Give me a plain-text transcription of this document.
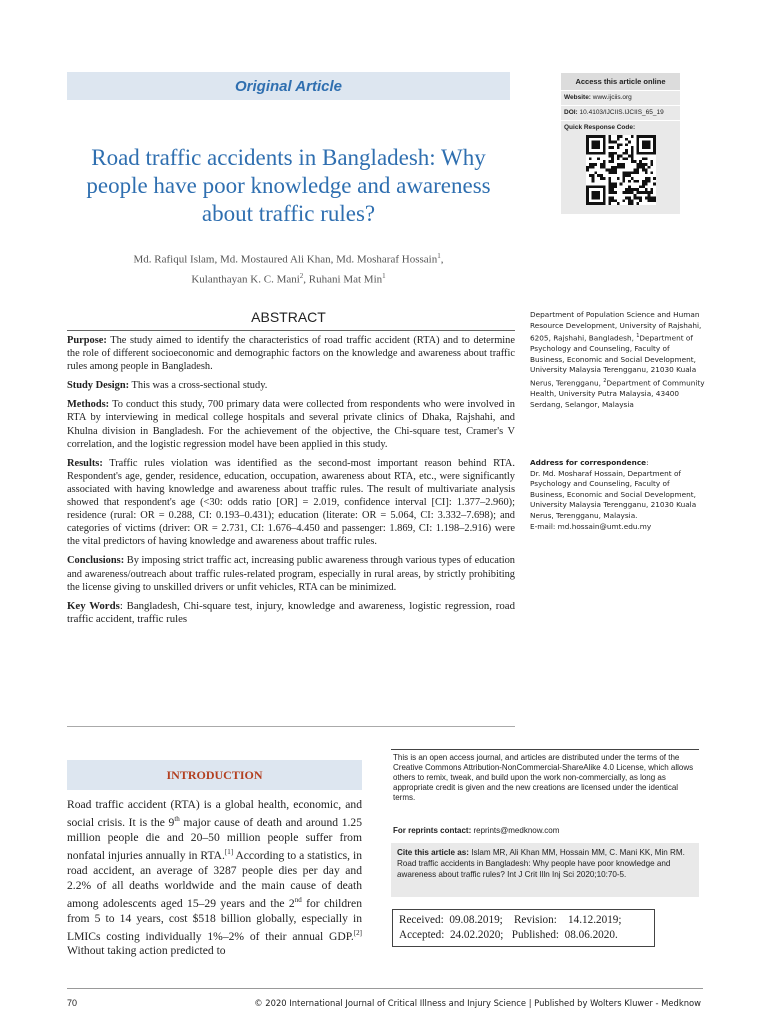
Original Article	Access this article online
Website: www.ijciis.org
DOI: 10.4103/IJCIIS.IJCIIS_65_19
Quick Response Code:
Road traffic accidents in Bangladesh: Why people have poor knowledge and awareness about traffic rules?
Md. Rafiqul Islam, Md. Mostaured Ali Khan, Md. Mosharaf Hossain$^1$,
Kulanthayan K. C. Mani$^2$, Ruhani Mat Min$^1$
ABSTRACT

Purpose: The study aimed to identify the characteristics of road traffic accident (RTA) and to determine the role of different socioeconomic and demographic factors on the knowledge and awareness about traffic rules among people in Bangladesh.

Study Design: This was a cross-sectional study.

Methods: To conduct this study, 700 primary data were collected from respondents who were involved in RTA by interviewing in medical college hospitals and several private clinics of Dhaka, Rajshahi, and Khulna division in Bangladesh. For the achievement of the objective, the Chi-square test, Cramer's V correlation, and the logistic regression model have been applied in this study.

Results: Traffic rules violation was identified as the second-most important reason behind RTA. Respondent's age, gender, residence, education, occupation, awareness about RTA, etc., were significantly associated with having knowledge and awareness about traffic rules. The result of multivariate analysis showed that respondent's age (<30: odds ratio [OR] = 2.019, confidence interval [CI]: 1.377–2.960); residence (rural: OR = 0.288, CI: 0.193–0.431); education (literate: OR = 5.064, CI: 3.332–7.698); and categories of victims (driver: OR = 2.731, CI: 1.676–4.450 and passenger: 1.869, CI: 1.198–2.916) were the vital predictors of having knowledge and awareness about traffic rules.

Conclusions: By imposing strict traffic act, increasing public awareness through various types of education and awareness/outreach about traffic rules-related program, especially in rural areas, by strictly prohibiting the license giving to unskilled drivers or unfit vehicles, RTA can be minimized.

Key Words: Bangladesh, Chi-square test, injury, knowledge and awareness, logistic regression, road traffic accident, traffic rules

Department of Population Science and Human Resource Development, University of Rajshahi, 6205, Rajshahi, Bangladesh, $^1$Department of Psychology and Counseling, Faculty of Business, Economic and Social Development, University Malaysia Terengganu, 21030 Kuala Nerus, Terengganu, $^2$Department of Community Health, University Putra Malaysia, 43400 Serdang, Selangor, Malaysia
Address for correspondence:
Dr. Md. Mosharaf Hossain, Department of Psychology and Counseling, Faculty of Business, Economic and Social Development, University Malaysia Terengganu, 21030 Kuala Nerus, Terengganu, Malaysia.
E-mail: md.hossain@umt.edu.my
INTRODUCTION
Road traffic accident (RTA) is a global health, economic, and social crisis. It is the 9th major cause of death and around 1.25 million people die and 20–50 million people suffer from nonfatal injuries annually in RTA.[1] According to a statistics, in road accident, an average of 3287 people dies per day and 2.2% of all deaths worldwide and the main cause of death among adolescents aged 15–29 years and the 2nd for children from 5 to 14 years, cost $518 billion globally, especially in LMICs costing individually 1%–2% of their annual GDP.[2] Without taking action predicted to
This is an open access journal, and articles are distributed under the terms of the Creative Commons Attribution-NonCommercial-ShareAlike 4.0 License, which allows others to remix, tweak, and build upon the work non-commercially, as long as appropriate credit is given and the new creations are licensed under the identical terms.
For reprints contact: reprints@medknow.com
Cite this article as: Islam MR, Ali Khan MM, Hossain MM, C. Mani KK, Min RM. Road traffic accidents in Bangladesh: Why people have poor knowledge and awareness about traffic rules? Int J Crit Illn Inj Sci 2020;10:70-5.
Received:  09.08.2019;    Revision:    14.12.2019;
Accepted:  24.02.2020;   Published:  08.06.2020.
70	© 2020 International Journal of Critical Illness and Injury Science | Published by Wolters Kluwer - Medknow
